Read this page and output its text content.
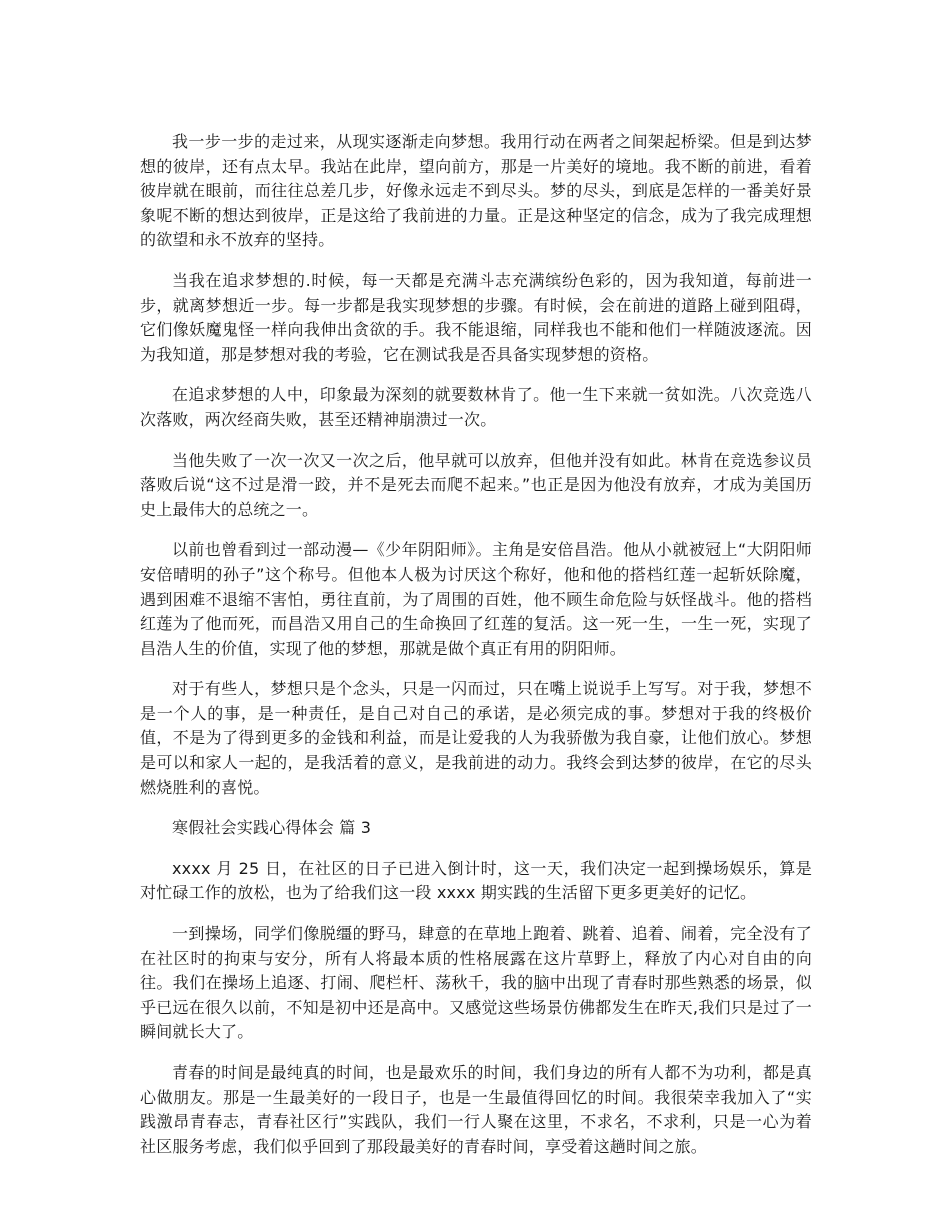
我一步一步的走过来，从现实逐渐走向梦想。我用行动在两者之间架起桥梁。但是到达梦想的彼岸，还有点太早。我站在此岸，望向前方，那是一片美好的境地。我不断的前进，看着彼岸就在眼前，而往往总差几步，好像永远走不到尽头。梦的尽头，到底是怎样的一番美好景象呢不断的想达到彼岸，正是这给了我前进的力量。正是这种坚定的信念，成为了我完成理想的欲望和永不放弃的坚持。

当我在追求梦想的.时候，每一天都是充满斗志充满缤纷色彩的，因为我知道，每前进一步，就离梦想近一步。每一步都是我实现梦想的步骤。有时候，会在前进的道路上碰到阻碍，它们像妖魔鬼怪一样向我伸出贪欲的手。我不能退缩，同样我也不能和他们一样随波逐流。因为我知道，那是梦想对我的考验，它在测试我是否具备实现梦想的资格。

在追求梦想的人中，印象最为深刻的就要数林肯了。他一生下来就一贫如洗。八次竞选八次落败，两次经商失败，甚至还精神崩溃过一次。

当他失败了一次一次又一次之后，他早就可以放弃，但他并没有如此。林肯在竞选参议员落败后说“这不过是滑一跤，并不是死去而爬不起来。”也正是因为他没有放弃，才成为美国历史上最伟大的总统之一。

以前也曾看到过一部动漫—《少年阴阳师》。主角是安倍昌浩。他从小就被冠上“大阴阳师安倍晴明的孙子”这个称号。但他本人极为讨厌这个称好，他和他的搭档红莲一起斩妖除魔，遇到困难不退缩不害怕，勇往直前，为了周围的百姓，他不顾生命危险与妖怪战斗。他的搭档红莲为了他而死，而昌浩又用自己的生命换回了红莲的复活。这一死一生，一生一死，实现了昌浩人生的价值，实现了他的梦想，那就是做个真正有用的阴阳师。

对于有些人，梦想只是个念头，只是一闪而过，只在嘴上说说手上写写。对于我，梦想不是一个人的事，是一种责任，是自己对自己的承诺，是必须完成的事。梦想对于我的终极价值，不是为了得到更多的金钱和利益，而是让爱我的人为我骄傲为我自豪，让他们放心。梦想是可以和家人一起的，是我活着的意义，是我前进的动力。我终会到达梦的彼岸，在它的尽头燃烧胜利的喜悦。

寒假社会实践心得体会 篇 3

xxxx 月 25 日，在社区的日子已进入倒计时，这一天，我们决定一起到操场娱乐，算是对忙碌工作的放松，也为了给我们这一段 xxxx 期实践的生活留下更多更美好的记忆。

一到操场，同学们像脱缰的野马，肆意的在草地上跑着、跳着、追着、闹着，完全没有了在社区时的拘束与安分，所有人将最本质的性格展露在这片草野上，释放了内心对自由的向往。我们在操场上追逐、打闹、爬栏杆、荡秋千，我的脑中出现了青春时那些熟悉的场景，似乎已远在很久以前，不知是初中还是高中。又感觉这些场景仿佛都发生在昨天,我们只是过了一瞬间就长大了。

青春的时间是最纯真的时间，也是最欢乐的时间，我们身边的所有人都不为功利，都是真心做朋友。那是一生最美好的一段日子，也是一生最值得回忆的时间。我很荣幸我加入了“实践激昂青春志，青春社区行”实践队，我们一行人聚在这里，不求名，不求利，只是一心为着社区服务考虑，我们似乎回到了那段最美好的青春时间，享受着这趟时间之旅。
